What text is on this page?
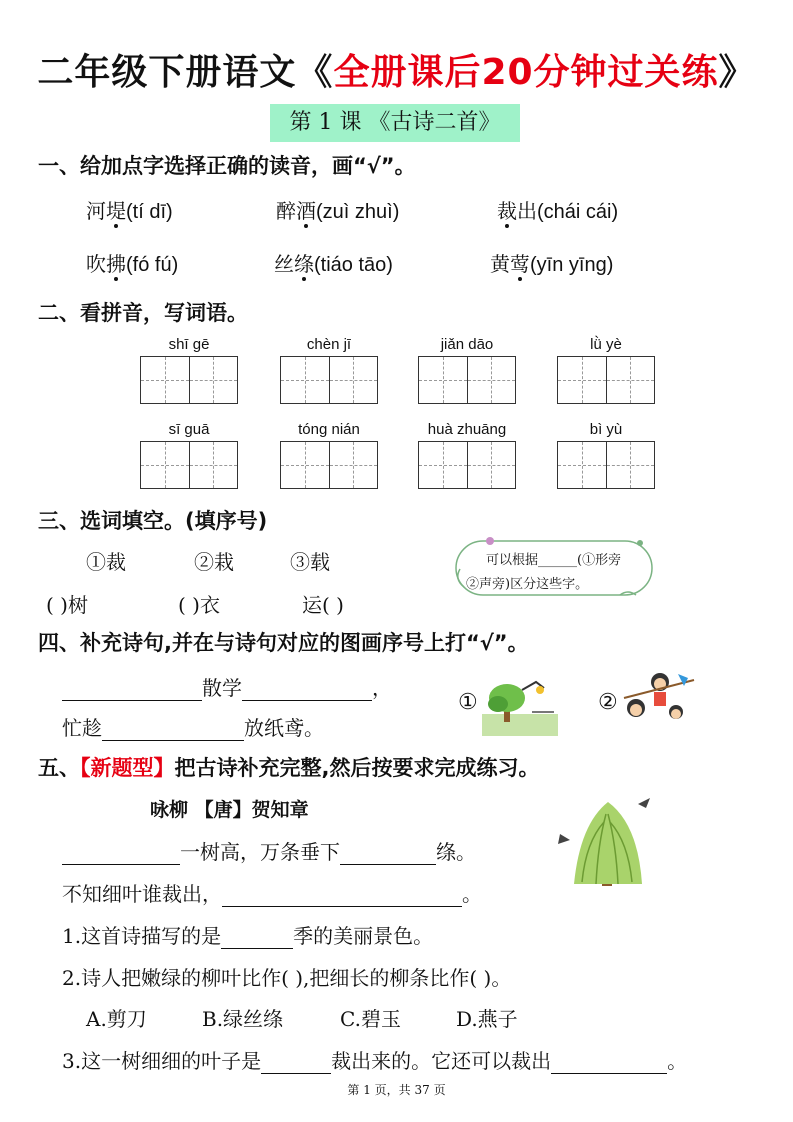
二年级下册语文《全册课后20分钟过关练》
第 1 课 《古诗二首》
一、给加点字选择正确的读音，画“√”。
河堤(tí dī)	醉酒(zuì zhuì)	裁出(chái cái)
吹拂(fó fú)	丝绦(tiáo tāo)	黄莺(yīn yīng)
二、看拼音，写词语。
shī gē	chèn jī	jiǎn dāo	lǜ yè
sī guā	tóng nián	huà zhuāng	bì yù
三、选词填空。(填序号)
①裁	②栽	③载
( )树	( )衣	运( )
可以根据______(①形旁
②声旁)区分这些字。
四、补充诗句,并在与诗句对应的图画序号上打“√”。
散学	，
忙趁	放纸鸢。
①	②
五、【新题型】把古诗补充完整,然后按要求完成练习。
咏柳 【唐】贺知章
一树高，万条垂下	绦。
不知细叶谁裁出，	。
1.这首诗描写的是	季的美丽景色。
2.诗人把嫩绿的柳叶比作( ),把细长的柳条比作( )。
A.剪刀	B.绿丝绦	C.碧玉	D.燕子
3.这一树细细的叶子是	裁出来的。它还可以裁出	。
第 1 页，共 37 页
